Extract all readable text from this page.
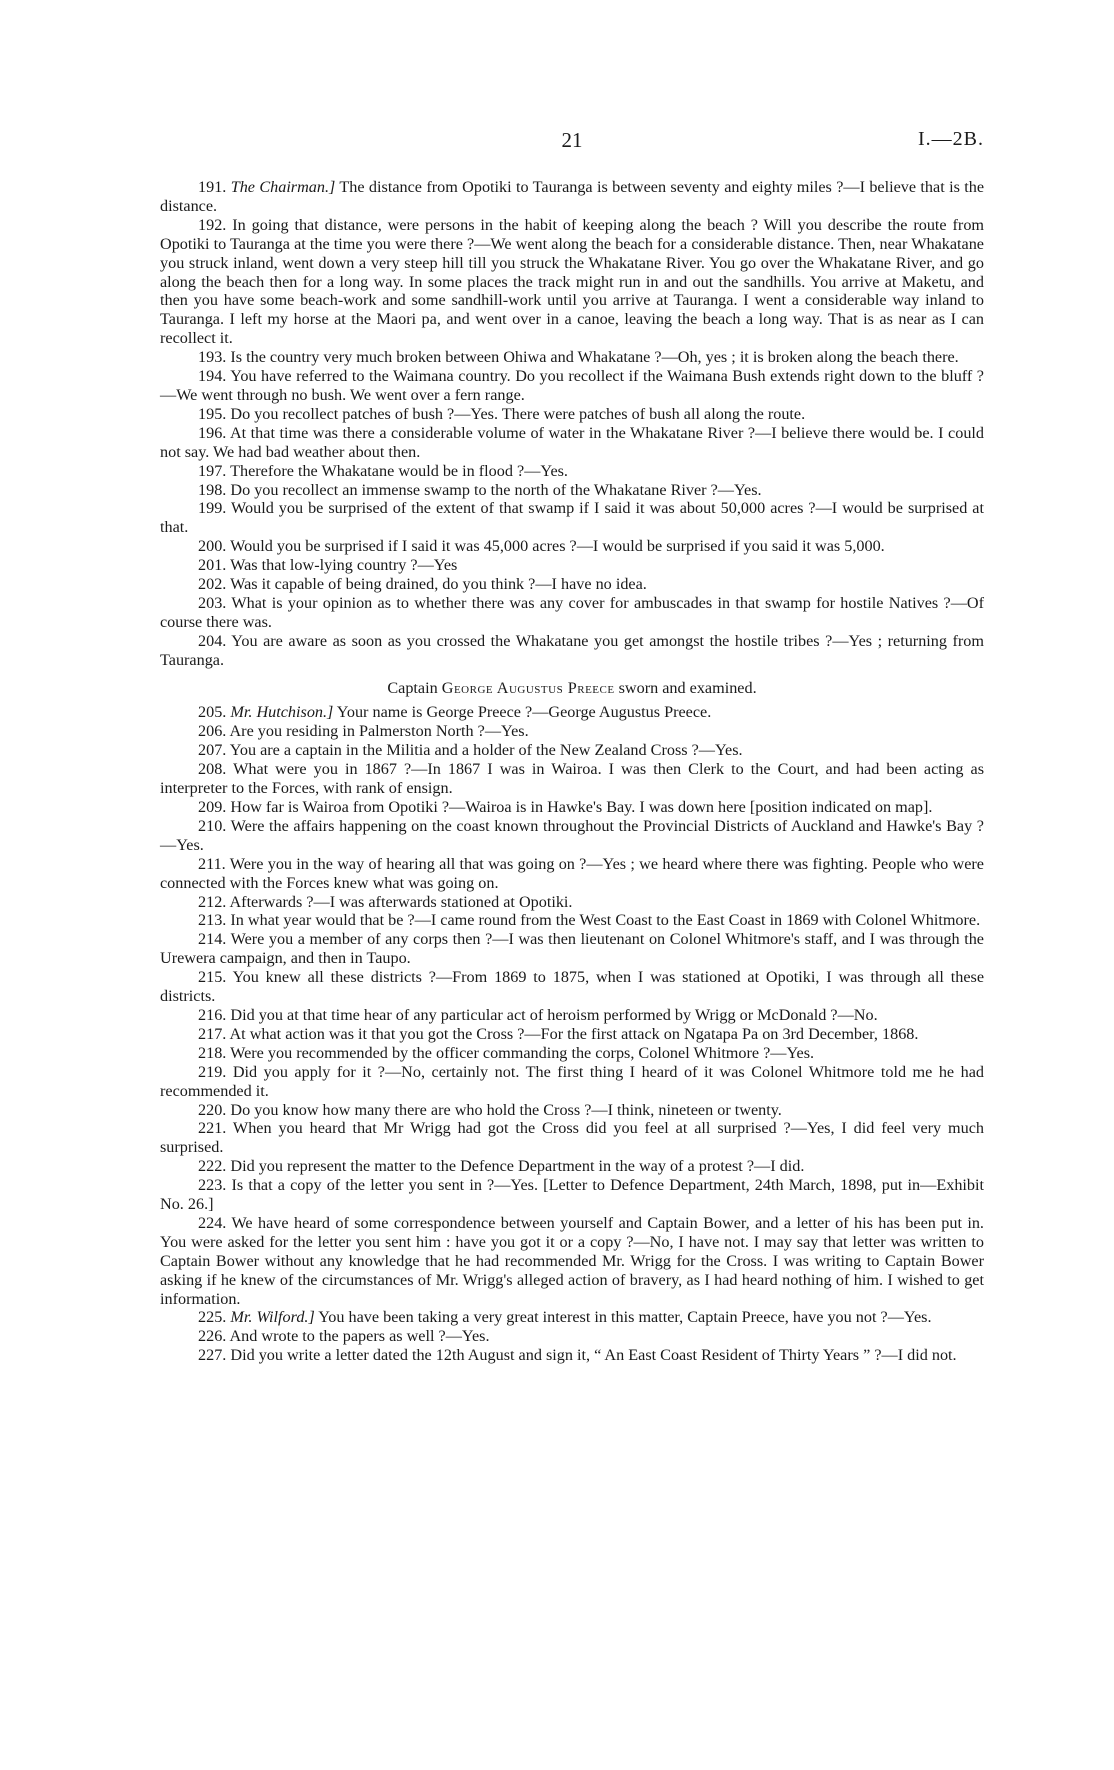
21	I.—2B.

191. The Chairman.] The distance from Opotiki to Tauranga is between seventy and eighty miles ?—I believe that is the distance.

192. In going that distance, were persons in the habit of keeping along the beach ? Will you describe the route from Opotiki to Tauranga at the time you were there ?—We went along the beach for a considerable distance. Then, near Whakatane you struck inland, went down a very steep hill till you struck the Whakatane River. You go over the Whakatane River, and go along the beach then for a long way. In some places the track might run in and out the sandhills. You arrive at Maketu, and then you have some beach-work and some sandhill-work until you arrive at Tauranga. I went a considerable way inland to Tauranga. I left my horse at the Maori pa, and went over in a canoe, leaving the beach a long way. That is as near as I can recollect it.

193. Is the country very much broken between Ohiwa and Whakatane ?—Oh, yes ; it is broken along the beach there.

194. You have referred to the Waimana country. Do you recollect if the Waimana Bush extends right down to the bluff ?—We went through no bush. We went over a fern range.

195. Do you recollect patches of bush ?—Yes. There were patches of bush all along the route.

196. At that time was there a considerable volume of water in the Whakatane River ?—I believe there would be. I could not say. We had bad weather about then.

197. Therefore the Whakatane would be in flood ?—Yes.

198. Do you recollect an immense swamp to the north of the Whakatane River ?—Yes.

199. Would you be surprised of the extent of that swamp if I said it was about 50,000 acres ?—I would be surprised at that.

200. Would you be surprised if I said it was 45,000 acres ?—I would be surprised if you said it was 5,000.

201. Was that low-lying country ?—Yes

202. Was it capable of being drained, do you think ?—I have no idea.

203. What is your opinion as to whether there was any cover for ambuscades in that swamp for hostile Natives ?—Of course there was.

204. You are aware as soon as you crossed the Whakatane you get amongst the hostile tribes ?—Yes ; returning from Tauranga.

Captain George Augustus Preece sworn and examined.

205. Mr. Hutchison.] Your name is George Preece ?—George Augustus Preece.

206. Are you residing in Palmerston North ?—Yes.

207. You are a captain in the Militia and a holder of the New Zealand Cross ?—Yes.

208. What were you in 1867 ?—In 1867 I was in Wairoa. I was then Clerk to the Court, and had been acting as interpreter to the Forces, with rank of ensign.

209. How far is Wairoa from Opotiki ?—Wairoa is in Hawke's Bay. I was down here [position indicated on map].

210. Were the affairs happening on the coast known throughout the Provincial Districts of Auckland and Hawke's Bay ?—Yes.

211. Were you in the way of hearing all that was going on ?—Yes ; we heard where there was fighting. People who were connected with the Forces knew what was going on.

212. Afterwards ?—I was afterwards stationed at Opotiki.

213. In what year would that be ?—I came round from the West Coast to the East Coast in 1869 with Colonel Whitmore.

214. Were you a member of any corps then ?—I was then lieutenant on Colonel Whitmore's staff, and I was through the Urewera campaign, and then in Taupo.

215. You knew all these districts ?—From 1869 to 1875, when I was stationed at Opotiki, I was through all these districts.

216. Did you at that time hear of any particular act of heroism performed by Wrigg or McDonald ?—No.

217. At what action was it that you got the Cross ?—For the first attack on Ngatapa Pa on 3rd December, 1868.

218. Were you recommended by the officer commanding the corps, Colonel Whitmore ?—Yes.

219. Did you apply for it ?—No, certainly not. The first thing I heard of it was Colonel Whitmore told me he had recommended it.

220. Do you know how many there are who hold the Cross ?—I think, nineteen or twenty.

221. When you heard that Mr Wrigg had got the Cross did you feel at all surprised ?—Yes, I did feel very much surprised.

222. Did you represent the matter to the Defence Department in the way of a protest ?—I did.

223. Is that a copy of the letter you sent in ?—Yes. [Letter to Defence Department, 24th March, 1898, put in—Exhibit No. 26.]

224. We have heard of some correspondence between yourself and Captain Bower, and a letter of his has been put in. You were asked for the letter you sent him : have you got it or a copy ?—No, I have not. I may say that letter was written to Captain Bower without any knowledge that he had recommended Mr. Wrigg for the Cross. I was writing to Captain Bower asking if he knew of the circumstances of Mr. Wrigg's alleged action of bravery, as I had heard nothing of him. I wished to get information.

225. Mr. Wilford.] You have been taking a very great interest in this matter, Captain Preece, have you not ?—Yes.

226. And wrote to the papers as well ?—Yes.

227. Did you write a letter dated the 12th August and sign it, “ An East Coast Resident of Thirty Years ” ?—I did not.
